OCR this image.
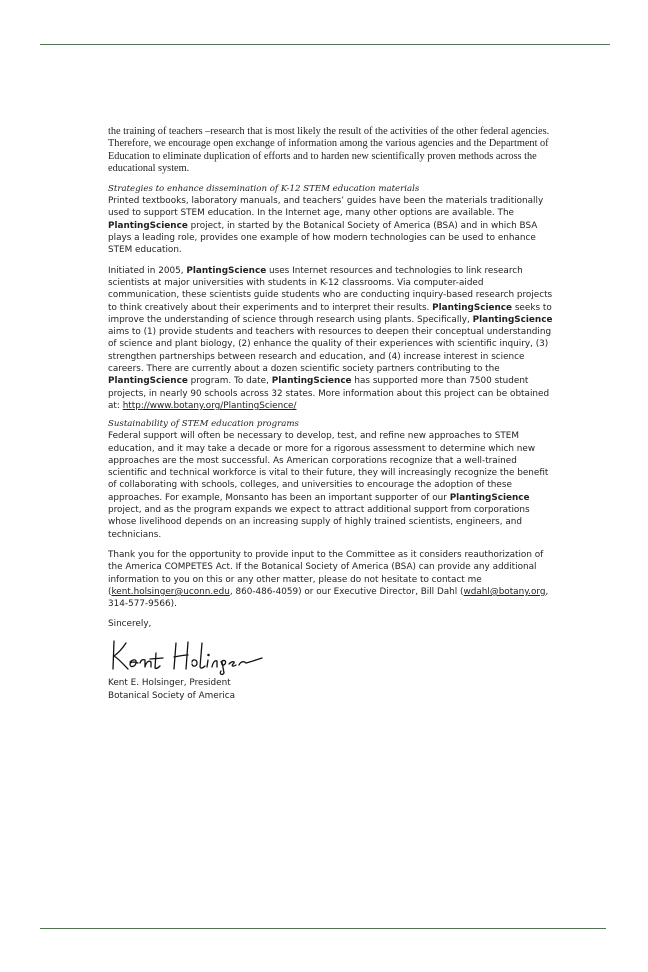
the training of teachers –research that is most likely the result of the activities of the other federal agencies. Therefore, we encourage open exchange of information among the various agencies and the Department of Education to eliminate duplication of efforts and to harden new scientifically proven methods across the educational system.

Strategies to enhance dissemination of K-12 STEM education materials

Printed textbooks, laboratory manuals, and teachers’ guides have been the materials traditionally used to support STEM education. In the Internet age, many other options are available. The PlantingScience project, in started by the Botanical Society of America (BSA) and in which BSA plays a leading role, provides one example of how modern technologies can be used to enhance STEM education.

Initiated in 2005, PlantingScience uses Internet resources and technologies to link research scientists at major universities with students in K-12 classrooms. Via computer-aided communication, these scientists guide students who are conducting inquiry-based research projects to think creatively about their experiments and to interpret their results. PlantingScience seeks to improve the understanding of science through research using plants. Specifically, PlantingScience aims to (1) provide students and teachers with resources to deepen their conceptual understanding of science and plant biology, (2) enhance the quality of their experiences with scientific inquiry, (3) strengthen partnerships between research and education, and (4) increase interest in science careers. There are currently about a dozen scientific society partners contributing to the PlantingScience program. To date, PlantingScience has supported more than 7500 student projects, in nearly 90 schools across 32 states. More information about this project can be obtained at: http://www.botany.org/PlantingScience/

Sustainability of STEM education programs

Federal support will often be necessary to develop, test, and refine new approaches to STEM education, and it may take a decade or more for a rigorous assessment to determine which new approaches are the most successful. As American corporations recognize that a well-trained scientific and technical workforce is vital to their future, they will increasingly recognize the benefit of collaborating with schools, colleges, and universities to encourage the adoption of these approaches. For example, Monsanto has been an important supporter of our PlantingScience project, and as the program expands we expect to attract additional support from corporations whose livelihood depends on an increasing supply of highly trained scientists, engineers, and technicians.

Thank you for the opportunity to provide input to the Committee as it considers reauthorization of the America COMPETES Act. If the Botanical Society of America (BSA) can provide any additional information to you on this or any other matter, please do not hesitate to contact me (kent.holsinger@uconn.edu, 860-486-4059) or our Executive Director, Bill Dahl (wdahl@botany.org, 314-577-9566).

Sincerely,

Kent E. Holsinger, President

Botanical Society of America
